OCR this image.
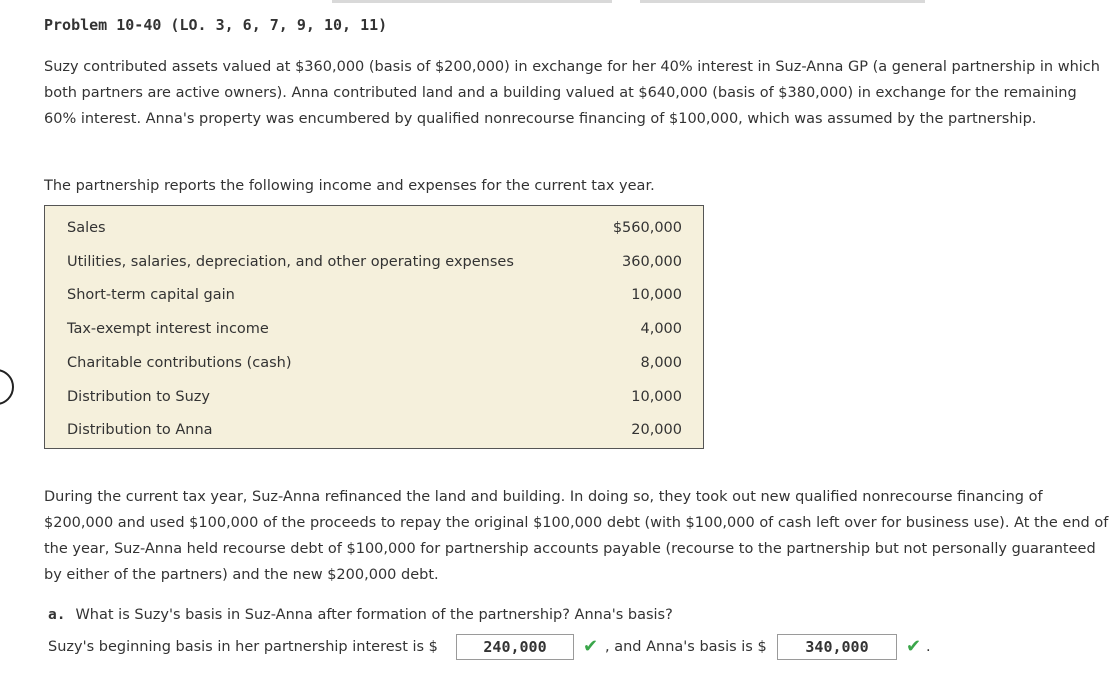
Problem 10-40 (LO. 3, 6, 7, 9, 10, 11)
Suzy contributed assets valued at $360,000 (basis of $200,000) in exchange for her 40% interest in Suz-Anna GP (a general partnership in which both partners are active owners). Anna contributed land and a building valued at $640,000 (basis of $380,000) in exchange for the remaining 60% interest. Anna's property was encumbered by qualified nonrecourse financing of $100,000, which was assumed by the partnership.
The partnership reports the following income and expenses for the current tax year.
Sales	$560,000
Utilities, salaries, depreciation, and other operating expenses	360,000
Short-term capital gain	10,000
Tax-exempt interest income	4,000
Charitable contributions (cash)	8,000
Distribution to Suzy	10,000
Distribution to Anna	20,000
During the current tax year, Suz-Anna refinanced the land and building. In doing so, they took out new qualified nonrecourse financing of $200,000 and used $100,000 of the proceeds to repay the original $100,000 debt (with $100,000 of cash left over for business use). At the end of the year, Suz-Anna held recourse debt of $100,000 for partnership accounts payable (recourse to the partnership but not personally guaranteed by either of the partners) and the new $200,000 debt.
a. What is Suzy's basis in Suz-Anna after formation of the partnership? Anna's basis?
Suzy's beginning basis in her partnership interest is $	240,000	✔ , and Anna's basis is $	340,000	✔ .
